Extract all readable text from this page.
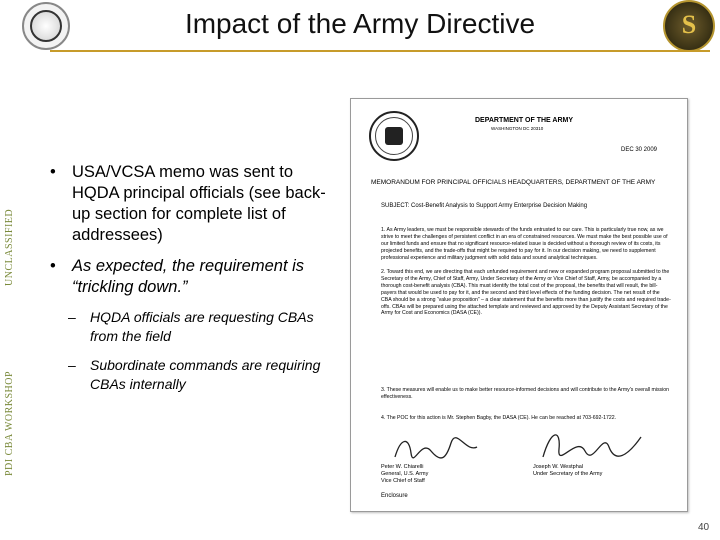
Impact of the Army Directive	S
UNCLASSIFIED
PDI CBA WORKSHOP
• USA/VCSA memo was sent to HQDA principal officials (see back-up section for complete list of addressees)
• As expected, the requirement is “trickling down.”
– HQDA officials are requesting CBAs from the field
– Subordinate commands are requiring CBAs internally
DEPARTMENT OF THE ARMY
WASHINGTON DC 20310
DEC 30 2009
MEMORANDUM FOR PRINCIPAL OFFICIALS HEADQUARTERS, DEPARTMENT OF THE ARMY
SUBJECT: Cost-Benefit Analysis to Support Army Enterprise Decision Making
1. As Army leaders, we must be responsible stewards of the funds entrusted to our care. This is particularly true now, as we strive to meet the challenges of persistent conflict in an era of constrained resources. We must make the best possible use of our limited funds and ensure that no significant resource-related issue is decided without a thorough review of its costs, its projected benefits, and the trade-offs that might be required to pay for it. In our decision making, we need to supplement professional experience and military judgment with solid data and sound analytical techniques.
2. Toward this end, we are directing that each unfunded requirement and new or expanded program proposal submitted to the Secretary of the Army, Chief of Staff, Army, Under Secretary of the Army or Vice Chief of Staff, Army, be accompanied by a thorough cost-benefit analysis (CBA). This must identify the total cost of the proposal, the benefits that will result, the bill-payers that would be used to pay for it, and the second and third level effects of the funding decision. The net result of the CBA should be a strong “value proposition” – a clear statement that the benefits more than justify the costs and required trade-offs. CBAs will be prepared using the attached template and reviewed and approved by the Deputy Assistant Secretary of the Army for Cost and Economics (DASA (CE)).
3. These measures will enable us to make better resource-informed decisions and will contribute to the Army's overall mission effectiveness.
4. The POC for this action is Mr. Stephen Bagby, the DASA (CE). He can be reached at 703-692-1722.
Peter W. Chiarelli
General, U.S. Army
Vice Chief of Staff
Joseph W. Westphal
Under Secretary of the Army
Enclosure
40
